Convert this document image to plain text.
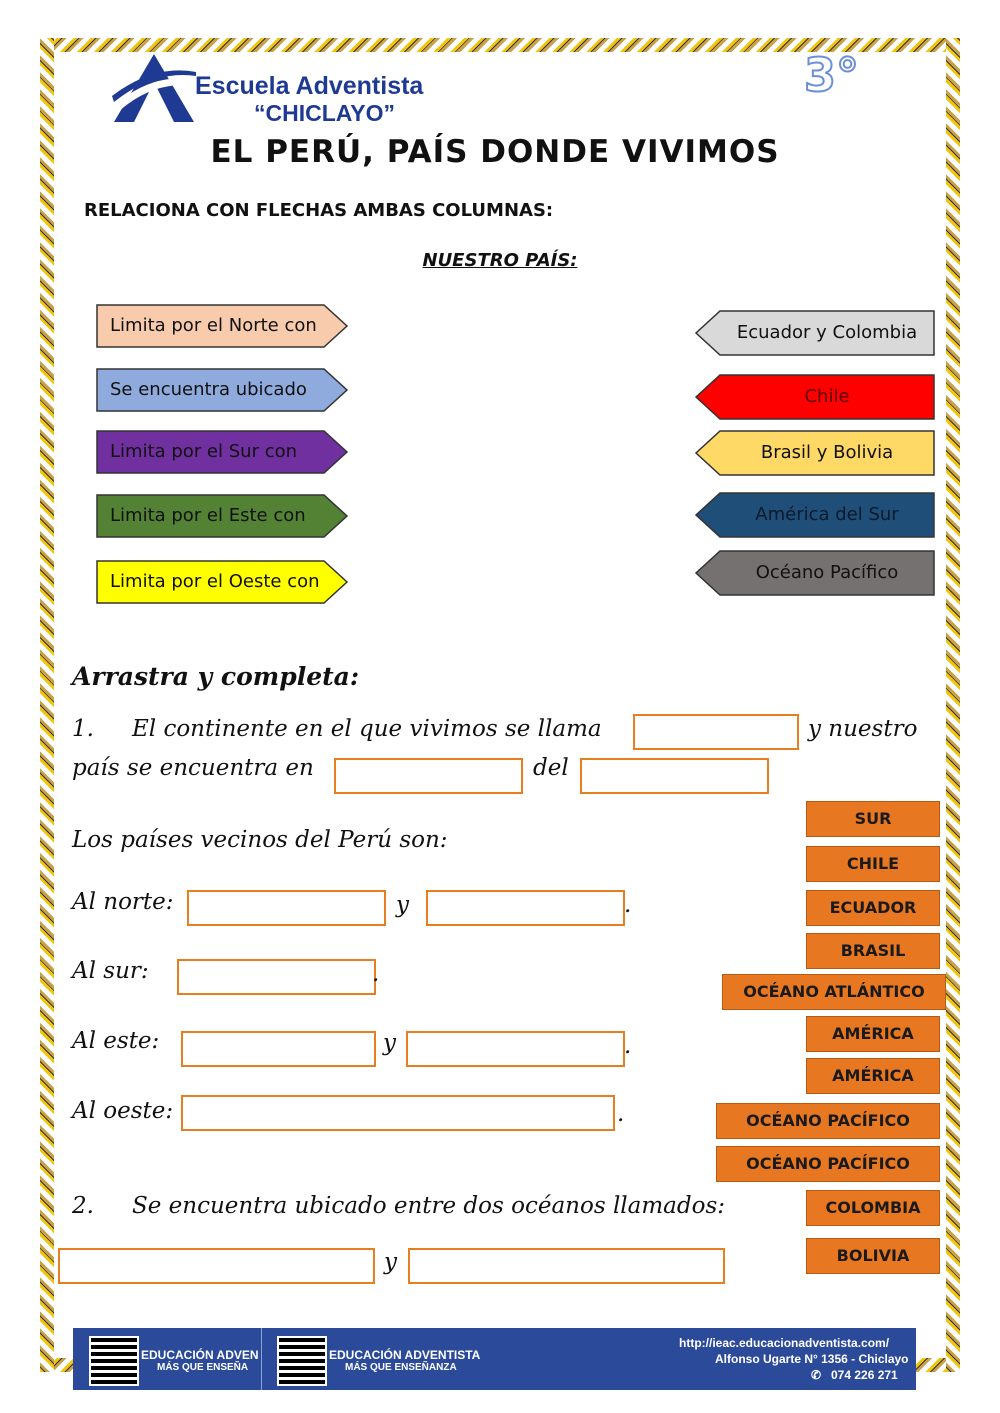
Escuela Adventista
“CHICLAYO”
3°
EL PERÚ, PAÍS DONDE VIVIMOS
RELACIONA CON FLECHAS AMBAS COLUMNAS:
NUESTRO PAÍS:
Limita por el Norte con
Se encuentra ubicado
Limita por el Sur con
Limita por el Este con
Limita por el Oeste con
Ecuador y Colombia
Chile
Brasil y Bolivia
América del Sur
Océano Pacífico
Arrastra y completa:
1. El continente en el que vivimos se llama	y nuestro
país se encuentra en	del
Los países vecinos del Perú son:
Al norte:	y	.
Al sur:	.
Al este:	y	.
Al oeste:	.
2. Se encuentra ubicado entre dos océanos llamados:
y
SUR
CHILE
ECUADOR
BRASIL
OCÉANO ATLÁNTICO
AMÉRICA
AMÉRICA
OCÉANO PACÍFICO
OCÉANO PACÍFICO
COLOMBIA
BOLIVIA
EDUCACIÓN ADVEN
MÁS QUE ENSEÑA
EDUCACIÓN ADVENTISTA
MÁS QUE ENSEÑANZA
http://ieac.educacionadventista.com/
Alfonso Ugarte N° 1356 - Chiclayo
✆ 074 226 271
